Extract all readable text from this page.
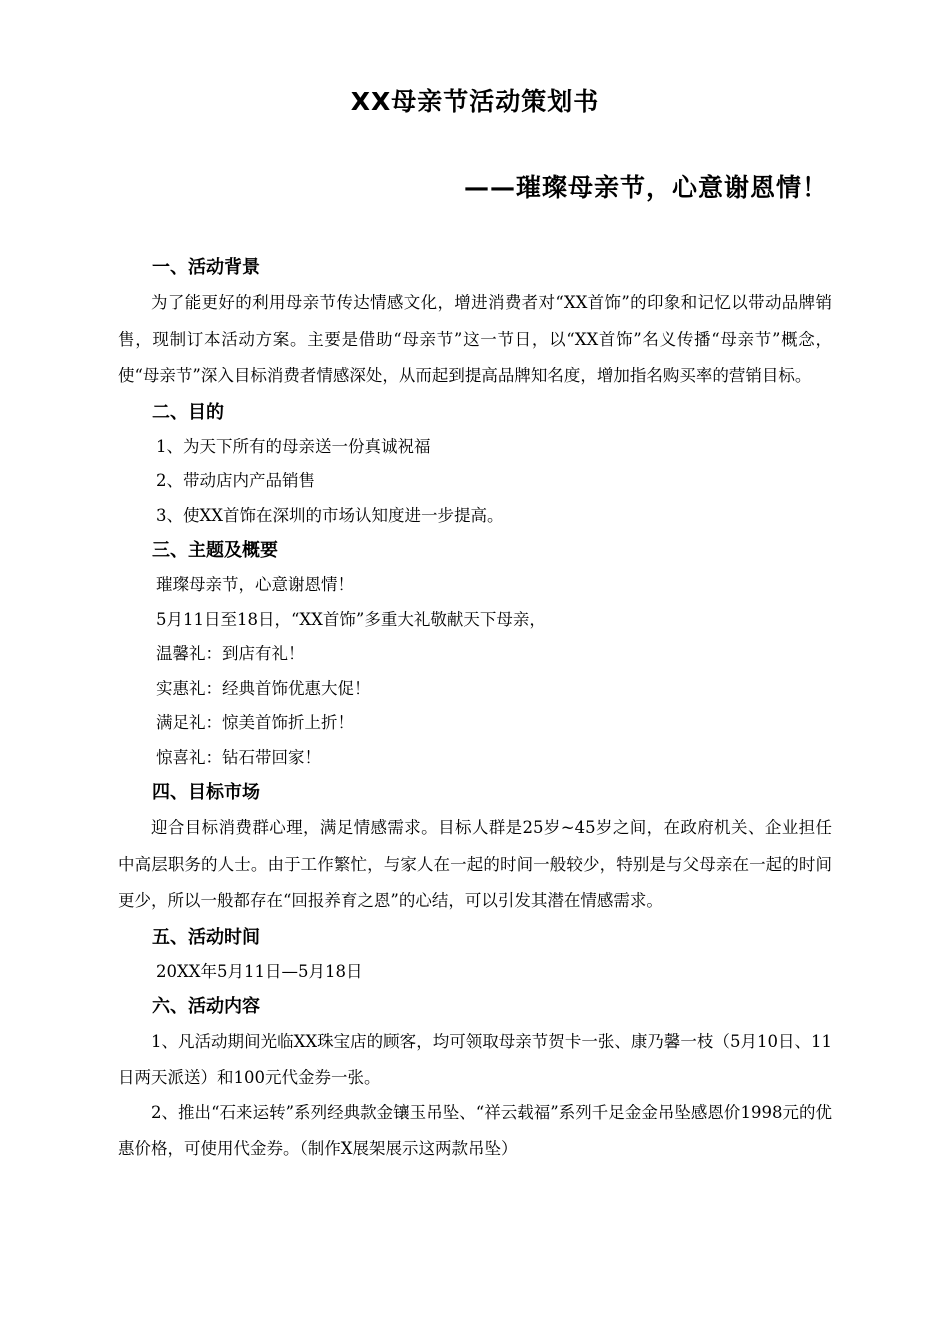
XX母亲节活动策划书
——璀璨母亲节，心意谢恩情！
一、活动背景

为了能更好的利用母亲节传达情感文化，增进消费者对“XX首饰”的印象和记忆以带动品牌销售，现制订本活动方案。主要是借助“母亲节”这一节日，以“XX首饰”名义传播“母亲节”概念，使“母亲节”深入目标消费者情感深处，从而起到提高品牌知名度，增加指名购买率的营销目标。

二、目的

1、为天下所有的母亲送一份真诚祝福

2、带动店内产品销售

3、使XX首饰在深圳的市场认知度进一步提高。

三、主题及概要

璀璨母亲节，心意谢恩情！

5月11日至18日，“XX首饰”多重大礼敬献天下母亲，

温馨礼：到店有礼！

实惠礼：经典首饰优惠大促！

满足礼：惊美首饰折上折！

惊喜礼：钻石带回家！

四、目标市场

迎合目标消费群心理，满足情感需求。目标人群是25岁~45岁之间，在政府机关、企业担任中高层职务的人士。由于工作繁忙，与家人在一起的时间一般较少，特别是与父母亲在一起的时间更少，所以一般都存在“回报养育之恩”的心结，可以引发其潜在情感需求。

五、活动时间

20XX年5月11日—5月18日

六、活动内容

1、凡活动期间光临XX珠宝店的顾客，均可领取母亲节贺卡一张、康乃馨一枝（5月10日、11日两天派送）和100元代金券一张。

2、推出“石来运转”系列经典款金镶玉吊坠、“祥云载福”系列千足金金吊坠感恩价1998元的优惠价格，可使用代金券。（制作X展架展示这两款吊坠）
